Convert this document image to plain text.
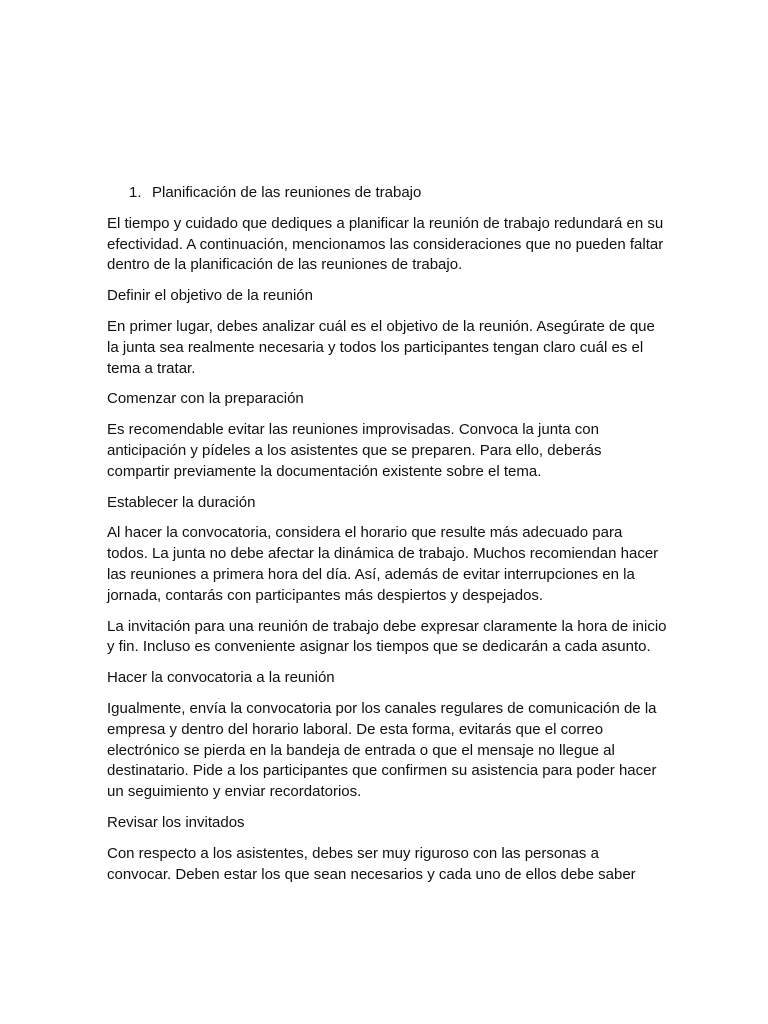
1. Planificación de las reuniones de trabajo

El tiempo y cuidado que dediques a planificar la reunión de trabajo redundará en su efectividad. A continuación, mencionamos las consideraciones que no pueden faltar dentro de la planificación de las reuniones de trabajo.

Definir el objetivo de la reunión

En primer lugar, debes analizar cuál es el objetivo de la reunión. Asegúrate de que la junta sea realmente necesaria y todos los participantes tengan claro cuál es el tema a tratar.

Comenzar con la preparación

Es recomendable evitar las reuniones improvisadas. Convoca la junta con anticipación y pídeles a los asistentes que se preparen. Para ello, deberás compartir previamente la documentación existente sobre el tema.

Establecer la duración

Al hacer la convocatoria, considera el horario que resulte más adecuado para todos. La junta no debe afectar la dinámica de trabajo. Muchos recomiendan hacer las reuniones a primera hora del día. Así, además de evitar interrupciones en la jornada, contarás con participantes más despiertos y despejados.

La invitación para una reunión de trabajo debe expresar claramente la hora de inicio y fin. Incluso es conveniente asignar los tiempos que se dedicarán a cada asunto.

Hacer la convocatoria a la reunión

Igualmente, envía la convocatoria por los canales regulares de comunicación de la empresa y dentro del horario laboral. De esta forma, evitarás que el correo electrónico se pierda en la bandeja de entrada o que el mensaje no llegue al destinatario. Pide a los participantes que confirmen su asistencia para poder hacer un seguimiento y enviar recordatorios.

Revisar los invitados

Con respecto a los asistentes, debes ser muy riguroso con las personas a convocar. Deben estar los que sean necesarios y cada uno de ellos debe saber
